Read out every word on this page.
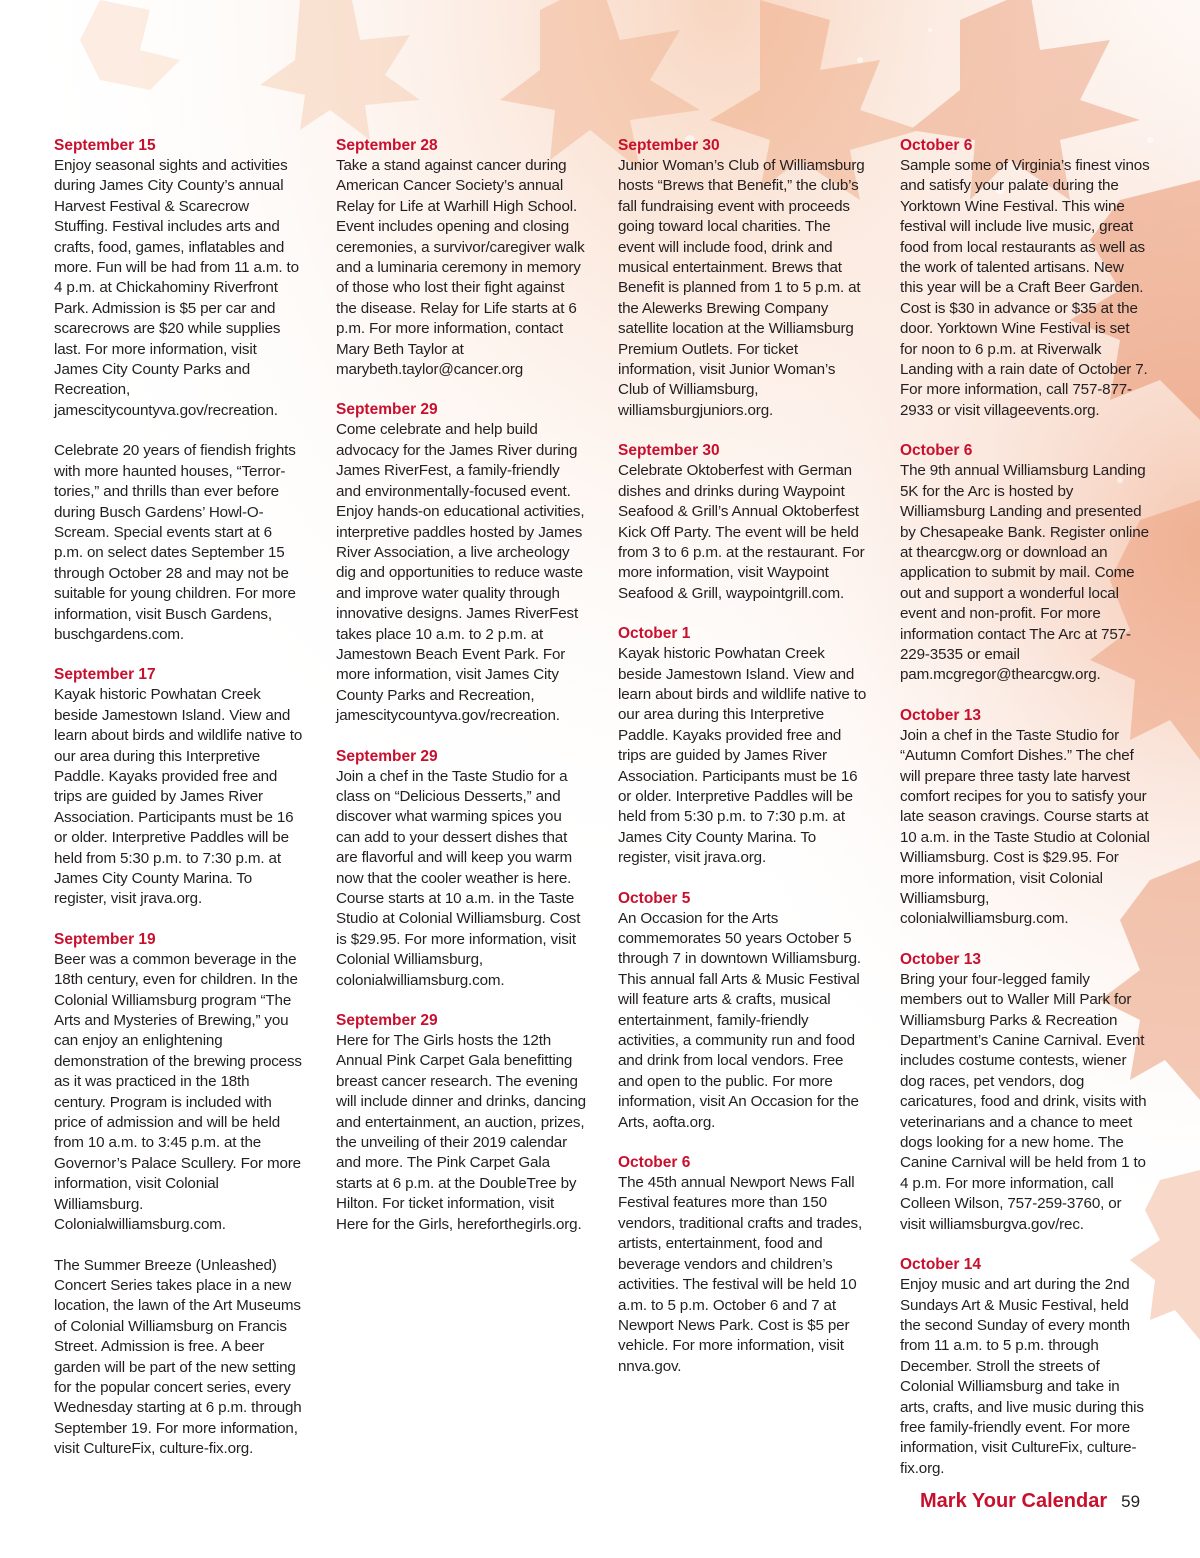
September 15

Enjoy seasonal sights and activities during James City County’s annual Harvest Festival & Scarecrow Stuffing. Festival includes arts and crafts, food, games, inflatables and more. Fun will be had from 11 a.m. to 4 p.m. at Chickahominy Riverfront Park. Admission is $5 per car and scarecrows are $20 while supplies last. For more information, visit James City County Parks and Recreation, jamescitycountyva.gov/recreation.

Celebrate 20 years of fiendish frights with more haunted houses, “Terror-tories,” and thrills than ever before during Busch Gardens’ Howl-O-Scream. Special events start at 6 p.m. on select dates September 15 through October 28 and may not be suitable for young children. For more information, visit Busch Gardens, buschgardens.com.

September 17

Kayak historic Powhatan Creek beside Jamestown Island. View and learn about birds and wildlife native to our area during this Interpretive Paddle. Kayaks provided free and trips are guided by James River Association. Participants must be 16 or older. Interpretive Paddles will be held from 5:30 p.m. to 7:30 p.m. at James City County Marina. To register, visit jrava.org.

September 19

Beer was a common beverage in the 18th century, even for children. In the Colonial Williamsburg program “The Arts and Mysteries of Brewing,” you can enjoy an enlightening demonstration of the brewing process as it was practiced in the 18th century. Program is included with price of admission and will be held from 10 a.m. to 3:45 p.m. at the Governor’s Palace Scullery. For more information, visit Colonial Williamsburg. Colonialwilliamsburg.com.

The Summer Breeze (Unleashed) Concert Series takes place in a new location, the lawn of the Art Museums of Colonial Williamsburg on Francis Street. Admission is free. A beer garden will be part of the new setting for the popular concert series, every Wednesday starting at 6 p.m. through September 19. For more information, visit CultureFix, culture-fix.org.

September 28

Take a stand against cancer during American Cancer Society’s annual Relay for Life at Warhill High School. Event includes opening and closing ceremonies, a survivor/caregiver walk and a luminaria ceremony in memory of those who lost their fight against the disease. Relay for Life starts at 6 p.m. For more information, contact Mary Beth Taylor at marybeth.taylor@cancer.org

September 29

Come celebrate and help build advocacy for the James River during James RiverFest, a family-friendly and environmentally-focused event. Enjoy hands-on educational activities, interpretive paddles hosted by James River Association, a live archeology dig and opportunities to reduce waste and improve water quality through innovative designs. James RiverFest takes place 10 a.m. to 2 p.m. at Jamestown Beach Event Park. For more information, visit James City County Parks and Recreation, jamescitycountyva.gov/recreation.

September 29

Join a chef in the Taste Studio for a class on “Delicious Desserts,” and discover what warming spices you can add to your dessert dishes that are flavorful and will keep you warm now that the cooler weather is here. Course starts at 10 a.m. in the Taste Studio at Colonial Williamsburg. Cost is $29.95. For more information, visit Colonial Williamsburg, colonialwilliamsburg.com.

September 29

Here for The Girls hosts the 12th Annual Pink Carpet Gala benefitting breast cancer research. The evening will include dinner and drinks, dancing and entertainment, an auction, prizes, the unveiling of their 2019 calendar and more. The Pink Carpet Gala starts at 6 p.m. at the DoubleTree by Hilton. For ticket information, visit Here for the Girls, hereforthegirls.org.

September 30

Junior Woman’s Club of Williamsburg hosts “Brews that Benefit,” the club’s fall fundraising event with proceeds going toward local charities. The event will include food, drink and musical entertainment. Brews that Benefit is planned from 1 to 5 p.m. at the Alewerks Brewing Company satellite location at the Williamsburg Premium Outlets. For ticket information, visit Junior Woman’s Club of Williamsburg, williamsburgjuniors.org.

September 30

Celebrate Oktoberfest with German dishes and drinks during Waypoint Seafood & Grill’s Annual Oktoberfest Kick Off Party. The event will be held from 3 to 6 p.m. at the restaurant. For more information, visit Waypoint Seafood & Grill, waypointgrill.com.

October 1

Kayak historic Powhatan Creek beside Jamestown Island. View and learn about birds and wildlife native to our area during this Interpretive Paddle. Kayaks provided free and trips are guided by James River Association. Participants must be 16 or older. Interpretive Paddles will be held from 5:30 p.m. to 7:30 p.m. at James City County Marina. To register, visit jrava.org.

October 5

An Occasion for the Arts commemorates 50 years October 5 through 7 in downtown Williamsburg. This annual fall Arts & Music Festival will feature arts & crafts, musical entertainment, family-friendly activities, a community run and food and drink from local vendors. Free and open to the public. For more information, visit An Occasion for the Arts, aofta.org.

October 6

The 45th annual Newport News Fall Festival features more than 150 vendors, traditional crafts and trades, artists, entertainment, food and beverage vendors and children’s activities. The festival will be held 10 a.m. to 5 p.m. October 6 and 7 at Newport News Park. Cost is $5 per vehicle. For more information, visit nnva.gov.

October 6

Sample some of Virginia’s finest vinos and satisfy your palate during the Yorktown Wine Festival. This wine festival will include live music, great food from local restaurants as well as the work of talented artisans. New this year will be a Craft Beer Garden. Cost is $30 in advance or $35 at the door. Yorktown Wine Festival is set for noon to 6 p.m. at Riverwalk Landing with a rain date of October 7. For more information, call 757-877-2933 or visit villageevents.org.

October 6

The 9th annual Williamsburg Landing 5K for the Arc is hosted by Williamsburg Landing and presented by Chesapeake Bank. Register online at thearcgw.org or download an application to submit by mail. Come out and support a wonderful local event and non-profit. For more information contact The Arc at 757-229-3535 or email pam.mcgregor@thearcgw.org.

October 13

Join a chef in the Taste Studio for “Autumn Comfort Dishes.” The chef will prepare three tasty late harvest comfort recipes for you to satisfy your late season cravings. Course starts at 10 a.m. in the Taste Studio at Colonial Williamsburg. Cost is $29.95. For more information, visit Colonial Williamsburg, colonialwilliamsburg.com.

October 13

Bring your four-legged family members out to Waller Mill Park for Williamsburg Parks & Recreation Department’s Canine Carnival. Event includes costume contests, wiener dog races, pet vendors, dog caricatures, food and drink, visits with veterinarians and a chance to meet dogs looking for a new home. The Canine Carnival will be held from 1 to 4 p.m. For more information, call Colleen Wilson, 757-259-3760, or visit williamsburgva.gov/rec.

October 14

Enjoy music and art during the 2nd Sundays Art & Music Festival, held the second Sunday of every month from 11 a.m. to 5 p.m. through December. Stroll the streets of Colonial Williamsburg and take in arts, crafts, and live music during this free family-friendly event. For more information, visit CultureFix, culture-fix.org.

Mark Your Calendar 59
